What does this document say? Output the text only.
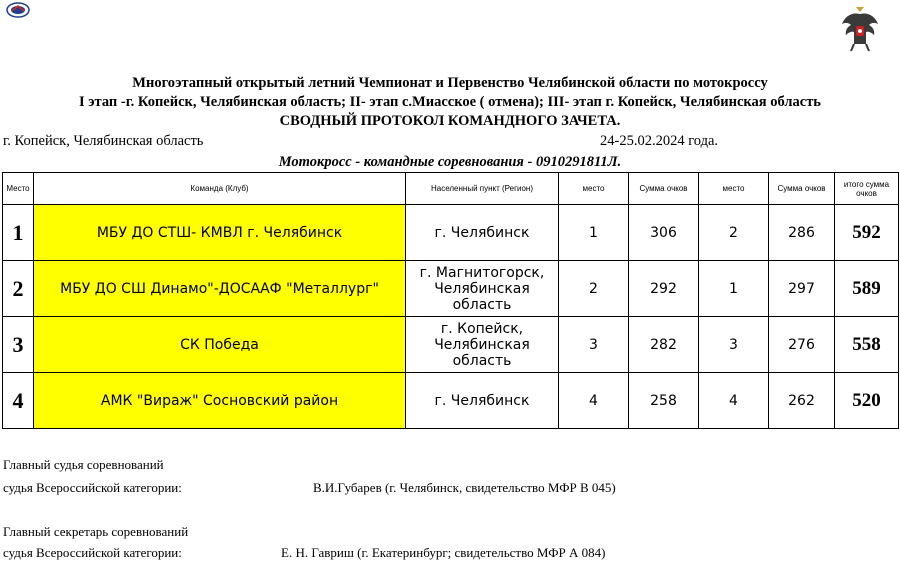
Многоэтапный открытый летний Чемпионат и Первенство Челябинской области по мотокроссу
I этап -г. Копейск, Челябинская область; II- этап с.Миасское ( отмена); III- этап г. Копейск, Челябинская область
СВОДНЫЙ ПРОТОКОЛ КОМАНДНОГО ЗАЧЕТА.
г. Копейск, Челябинская область	24-25.02.2024 года.
Мотокросс - командные соревнования - 0910291811Л.
Место	Команда (Клуб)	Населенный пункт (Регион)	место	Сумма очков	место	Сумма очков	итого сумма очков
1	МБУ ДО СТШ- КМВЛ г. Челябинск	г. Челябинск	1	306	2	286	592
2	МБУ ДО СШ Динамо"-ДОСААФ "Металлург"	г. Магнитогорск, Челябинская область	2	292	1	297	589
3	СК Победа	г. Копейск, Челябинская область	3	282	3	276	558
4	АМК "Вираж" Сосновский район	г. Челябинск	4	258	4	262	520
Главный судья соревнований
судья Всероссийской категории:	В.И.Губарев (г. Челябинск, свидетельство МФР В 045)
Главный секретарь соревнований
судья Всероссийской категории:	Е. Н. Гавриш (г. Екатеринбург; свидетельство МФР А 084)
